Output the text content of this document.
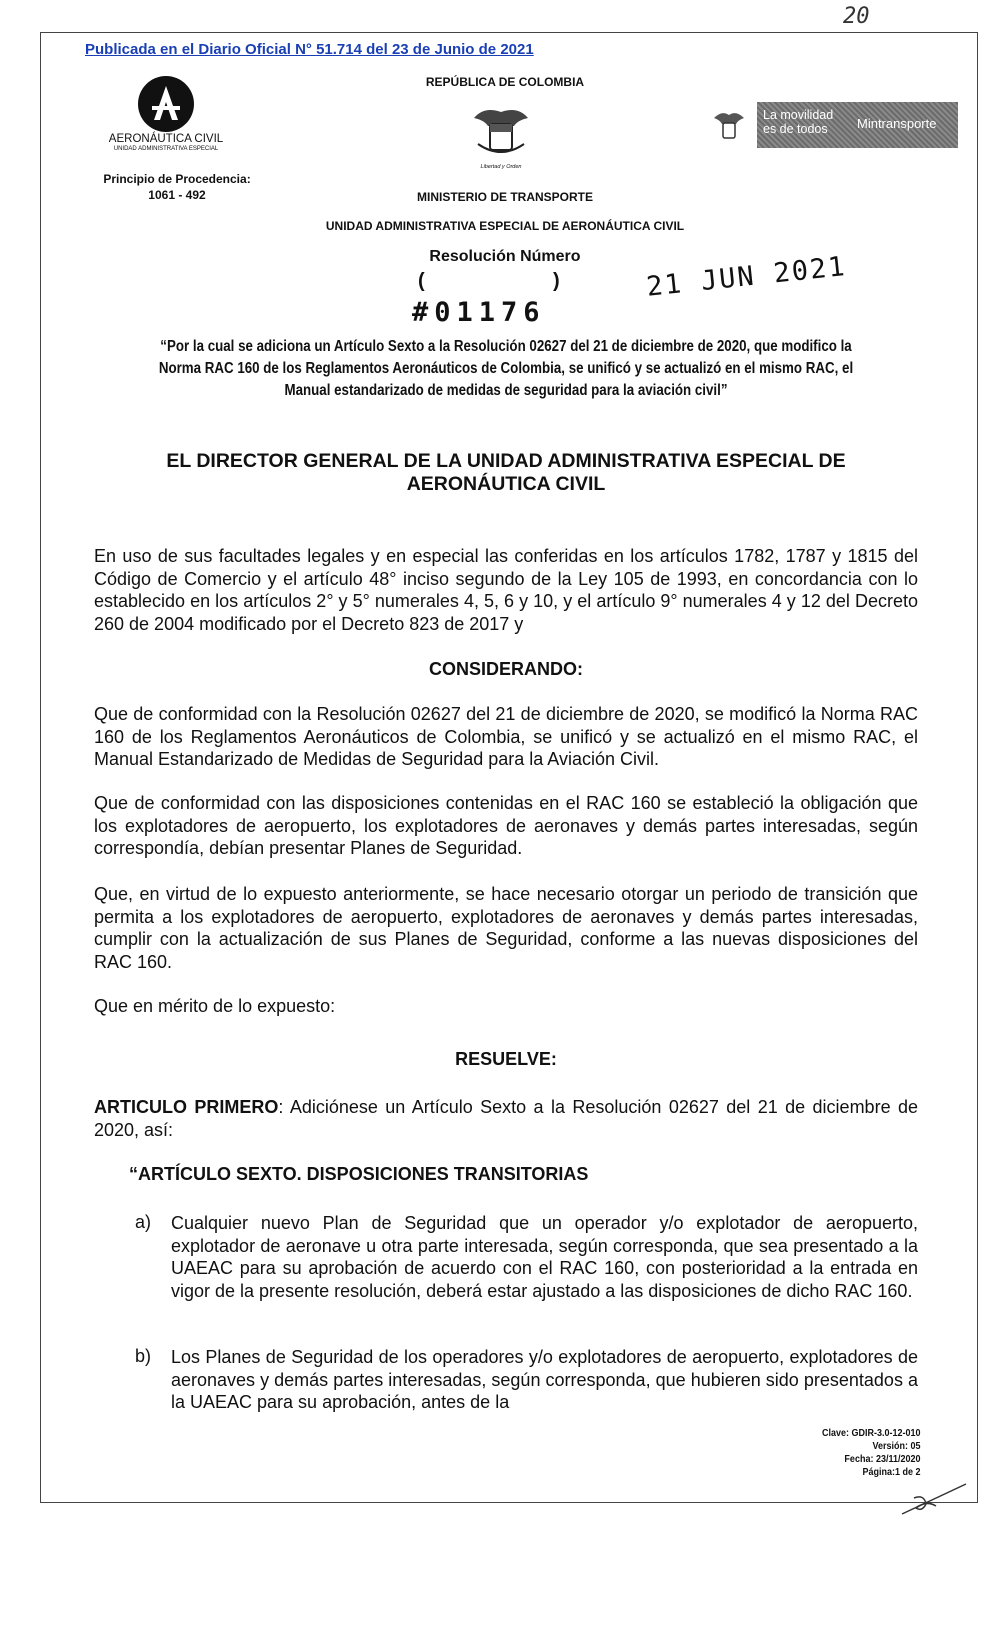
20
Publicada en el Diario Oficial N° 51.714 del 23 de Junio de 2021
AERONÁUTICA CIVIL
UNIDAD ADMINISTRATIVA ESPECIAL
Principio de Procedencia:
1061 - 492
REPÚBLICA DE COLOMBIA
Libertad y Orden
MINISTERIO DE TRANSPORTE
UNIDAD ADMINISTRATIVA ESPECIAL DE AERONÁUTICA CIVIL
La movilidad
es de todos	Mintransporte
Resolución Número
(	)
#01176
21 JUN 2021
“Por la cual se adiciona un Artículo Sexto a la Resolución 02627 del 21 de diciembre de 2020, que modifico la Norma RAC 160 de los Reglamentos Aeronáuticos de Colombia, se unificó y se actualizó en el mismo RAC, el Manual estandarizado de medidas de seguridad para la aviación civil”
EL DIRECTOR GENERAL DE LA UNIDAD ADMINISTRATIVA ESPECIAL DE
AERONÁUTICA CIVIL
En uso de sus facultades legales y en especial las conferidas en los artículos 1782, 1787 y 1815 del Código de Comercio y el artículo 48° inciso segundo de la Ley 105 de 1993, en concordancia con lo establecido en los artículos 2° y 5° numerales 4, 5, 6 y 10, y el artículo 9° numerales 4 y 12 del Decreto 260 de 2004 modificado por el Decreto 823 de 2017 y
CONSIDERANDO:
Que de conformidad con la Resolución 02627 del 21 de diciembre de 2020, se modificó la Norma RAC 160 de los Reglamentos Aeronáuticos de Colombia, se unificó y se actualizó en el mismo RAC, el Manual Estandarizado de Medidas de Seguridad para la Aviación Civil.
Que de conformidad con las disposiciones contenidas en el RAC 160 se estableció la obligación que los explotadores de aeropuerto, los explotadores de aeronaves y demás partes interesadas, según correspondía, debían presentar Planes de Seguridad.
Que, en virtud de lo expuesto anteriormente, se hace necesario otorgar un periodo de transición que permita a los explotadores de aeropuerto, explotadores de aeronaves y demás partes interesadas, cumplir con la actualización de sus Planes de Seguridad, conforme a las nuevas disposiciones del RAC 160.
Que en mérito de lo expuesto:
RESUELVE:
ARTICULO PRIMERO: Adiciónese un Artículo Sexto a la Resolución 02627 del 21 de diciembre de 2020, así:
“ARTÍCULO SEXTO. DISPOSICIONES TRANSITORIAS
a) Cualquier nuevo Plan de Seguridad que un operador y/o explotador de aeropuerto, explotador de aeronave u otra parte interesada, según corresponda, que sea presentado a la UAEAC para su aprobación de acuerdo con el RAC 160, con posterioridad a la entrada en vigor de la presente resolución, deberá estar ajustado a las disposiciones de dicho RAC 160.
b) Los Planes de Seguridad de los operadores y/o explotadores de aeropuerto, explotadores de aeronaves y demás partes interesadas, según corresponda, que hubieren sido presentados a la UAEAC para su aprobación, antes de la
Clave: GDIR-3.0-12-010
Versión: 05
Fecha: 23/11/2020
Página:1 de 2
